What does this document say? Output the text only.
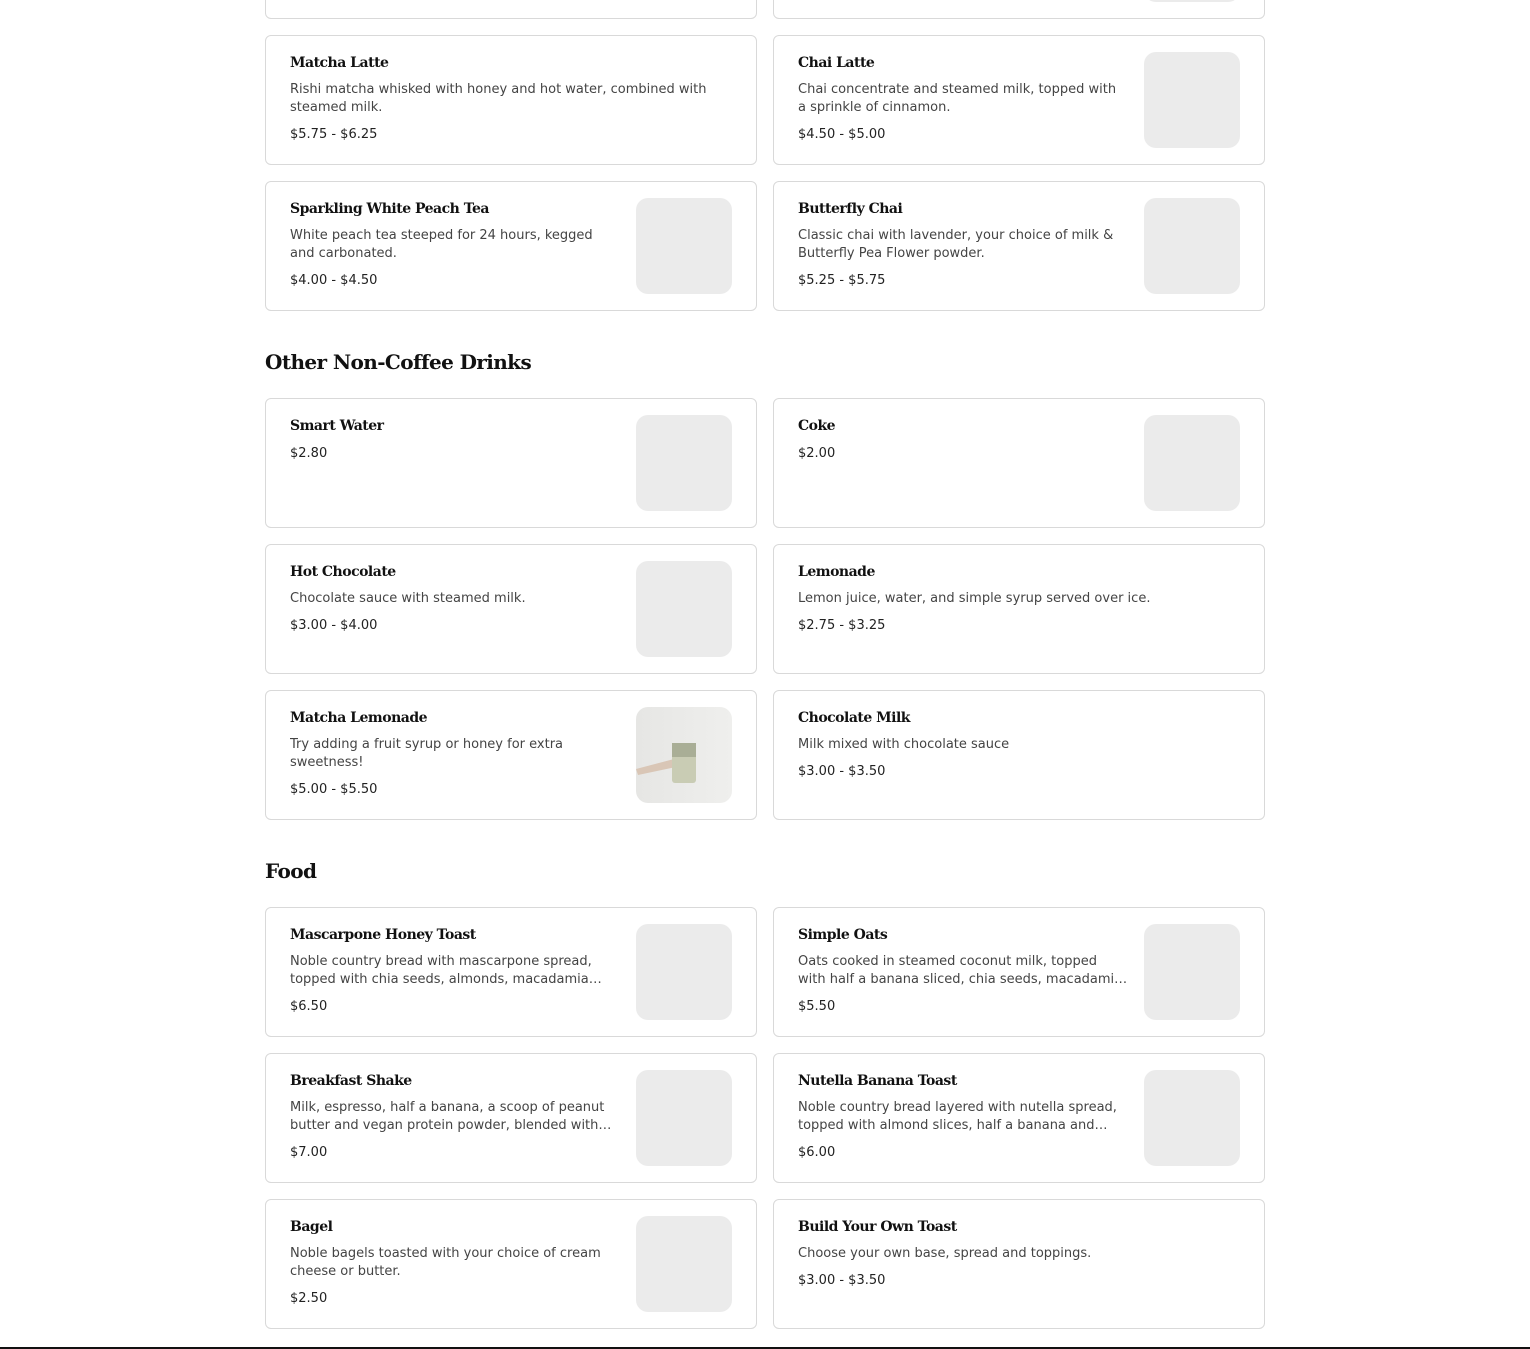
Matcha Latte
Rishi matcha whisked with honey and hot water, combined with steamed milk.
$5.75 - $6.25
Chai Latte
Chai concentrate and steamed milk, topped with a sprinkle of cinnamon.
$4.50 - $5.00
Sparkling White Peach Tea
White peach tea steeped for 24 hours, kegged and carbonated.
$4.00 - $4.50
Butterfly Chai
Classic chai with lavender, your choice of milk & Butterfly Pea Flower powder.
$5.25 - $5.75
Other Non-Coffee Drinks
Smart Water
$2.80
Coke
$2.00
Hot Chocolate
Chocolate sauce with steamed milk.
$3.00 - $4.00
Lemonade
Lemon juice, water, and simple syrup served over ice.
$2.75 - $3.25
Matcha Lemonade
Try adding a fruit syrup or honey for extra sweetness!
$5.00 - $5.50
Chocolate Milk
Milk mixed with chocolate sauce
$3.00 - $3.50
Food
Mascarpone Honey Toast
Noble country bread with mascarpone spread, topped with chia seeds, almonds, macadamia
$6.50
Simple Oats
Oats cooked in steamed coconut milk, topped with half a banana sliced, chia seeds, macadamia
$5.50
Breakfast Shake
Milk, espresso, half a banana, a scoop of peanut butter and vegan protein powder, blended with
$7.00
Nutella Banana Toast
Noble country bread layered with nutella spread, topped with almond slices, half a banana and
$6.00
Bagel
Noble bagels toasted with your choice of cream cheese or butter.
$2.50
Build Your Own Toast
Choose your own base, spread and toppings.
$3.00 - $3.50
